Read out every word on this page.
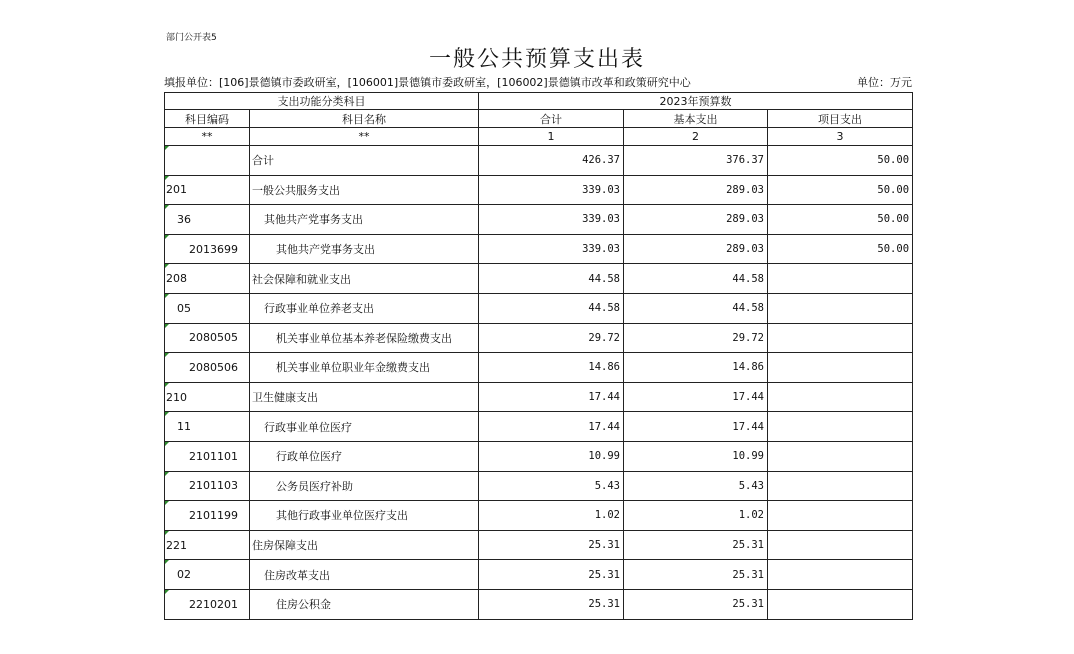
部门公开表5
一般公共预算支出表
填报单位：[106]景德镇市委政研室，[106001]景德镇市委政研室，[106002]景德镇市改革和政策研究中心	单位：万元
支出功能分类科目		2023年预算数		
科目编码	科目名称	合计	基本支出	项目支出
**	**	1	2	3
	合计	426.37	376.37	50.00
201	一般公共服务支出	339.03	289.03	50.00
36	其他共产党事务支出	339.03	289.03	50.00
2013699	其他共产党事务支出	339.03	289.03	50.00
208	社会保障和就业支出	44.58	44.58	
05	行政事业单位养老支出	44.58	44.58	
2080505	机关事业单位基本养老保险缴费支出	29.72	29.72	
2080506	机关事业单位职业年金缴费支出	14.86	14.86	
210	卫生健康支出	17.44	17.44	
11	行政事业单位医疗	17.44	17.44	
2101101	行政单位医疗	10.99	10.99	
2101103	公务员医疗补助	5.43	5.43	
2101199	其他行政事业单位医疗支出	1.02	1.02	
221	住房保障支出	25.31	25.31	
02	住房改革支出	25.31	25.31	
2210201	住房公积金	25.31	25.31	
